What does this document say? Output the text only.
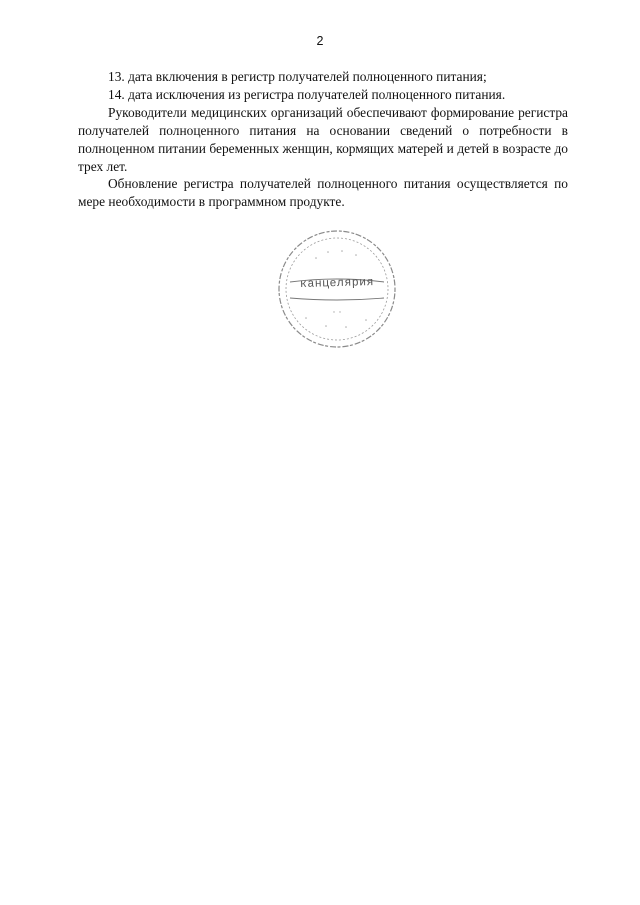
2

13. дата включения в регистр получателей полноценного питания;

14. дата исключения из регистра получателей полноценного питания.

Руководители медицинских организаций обеспечивают формирование регистра получателей полноценного питания на основании сведений о потребности в полноценном питании беременных женщин, кормящих матерей и детей в возрасте до трех лет.

Обновление регистра получателей полноценного питания осуществляется по мере необходимости в программном продукте.

канцелярия
